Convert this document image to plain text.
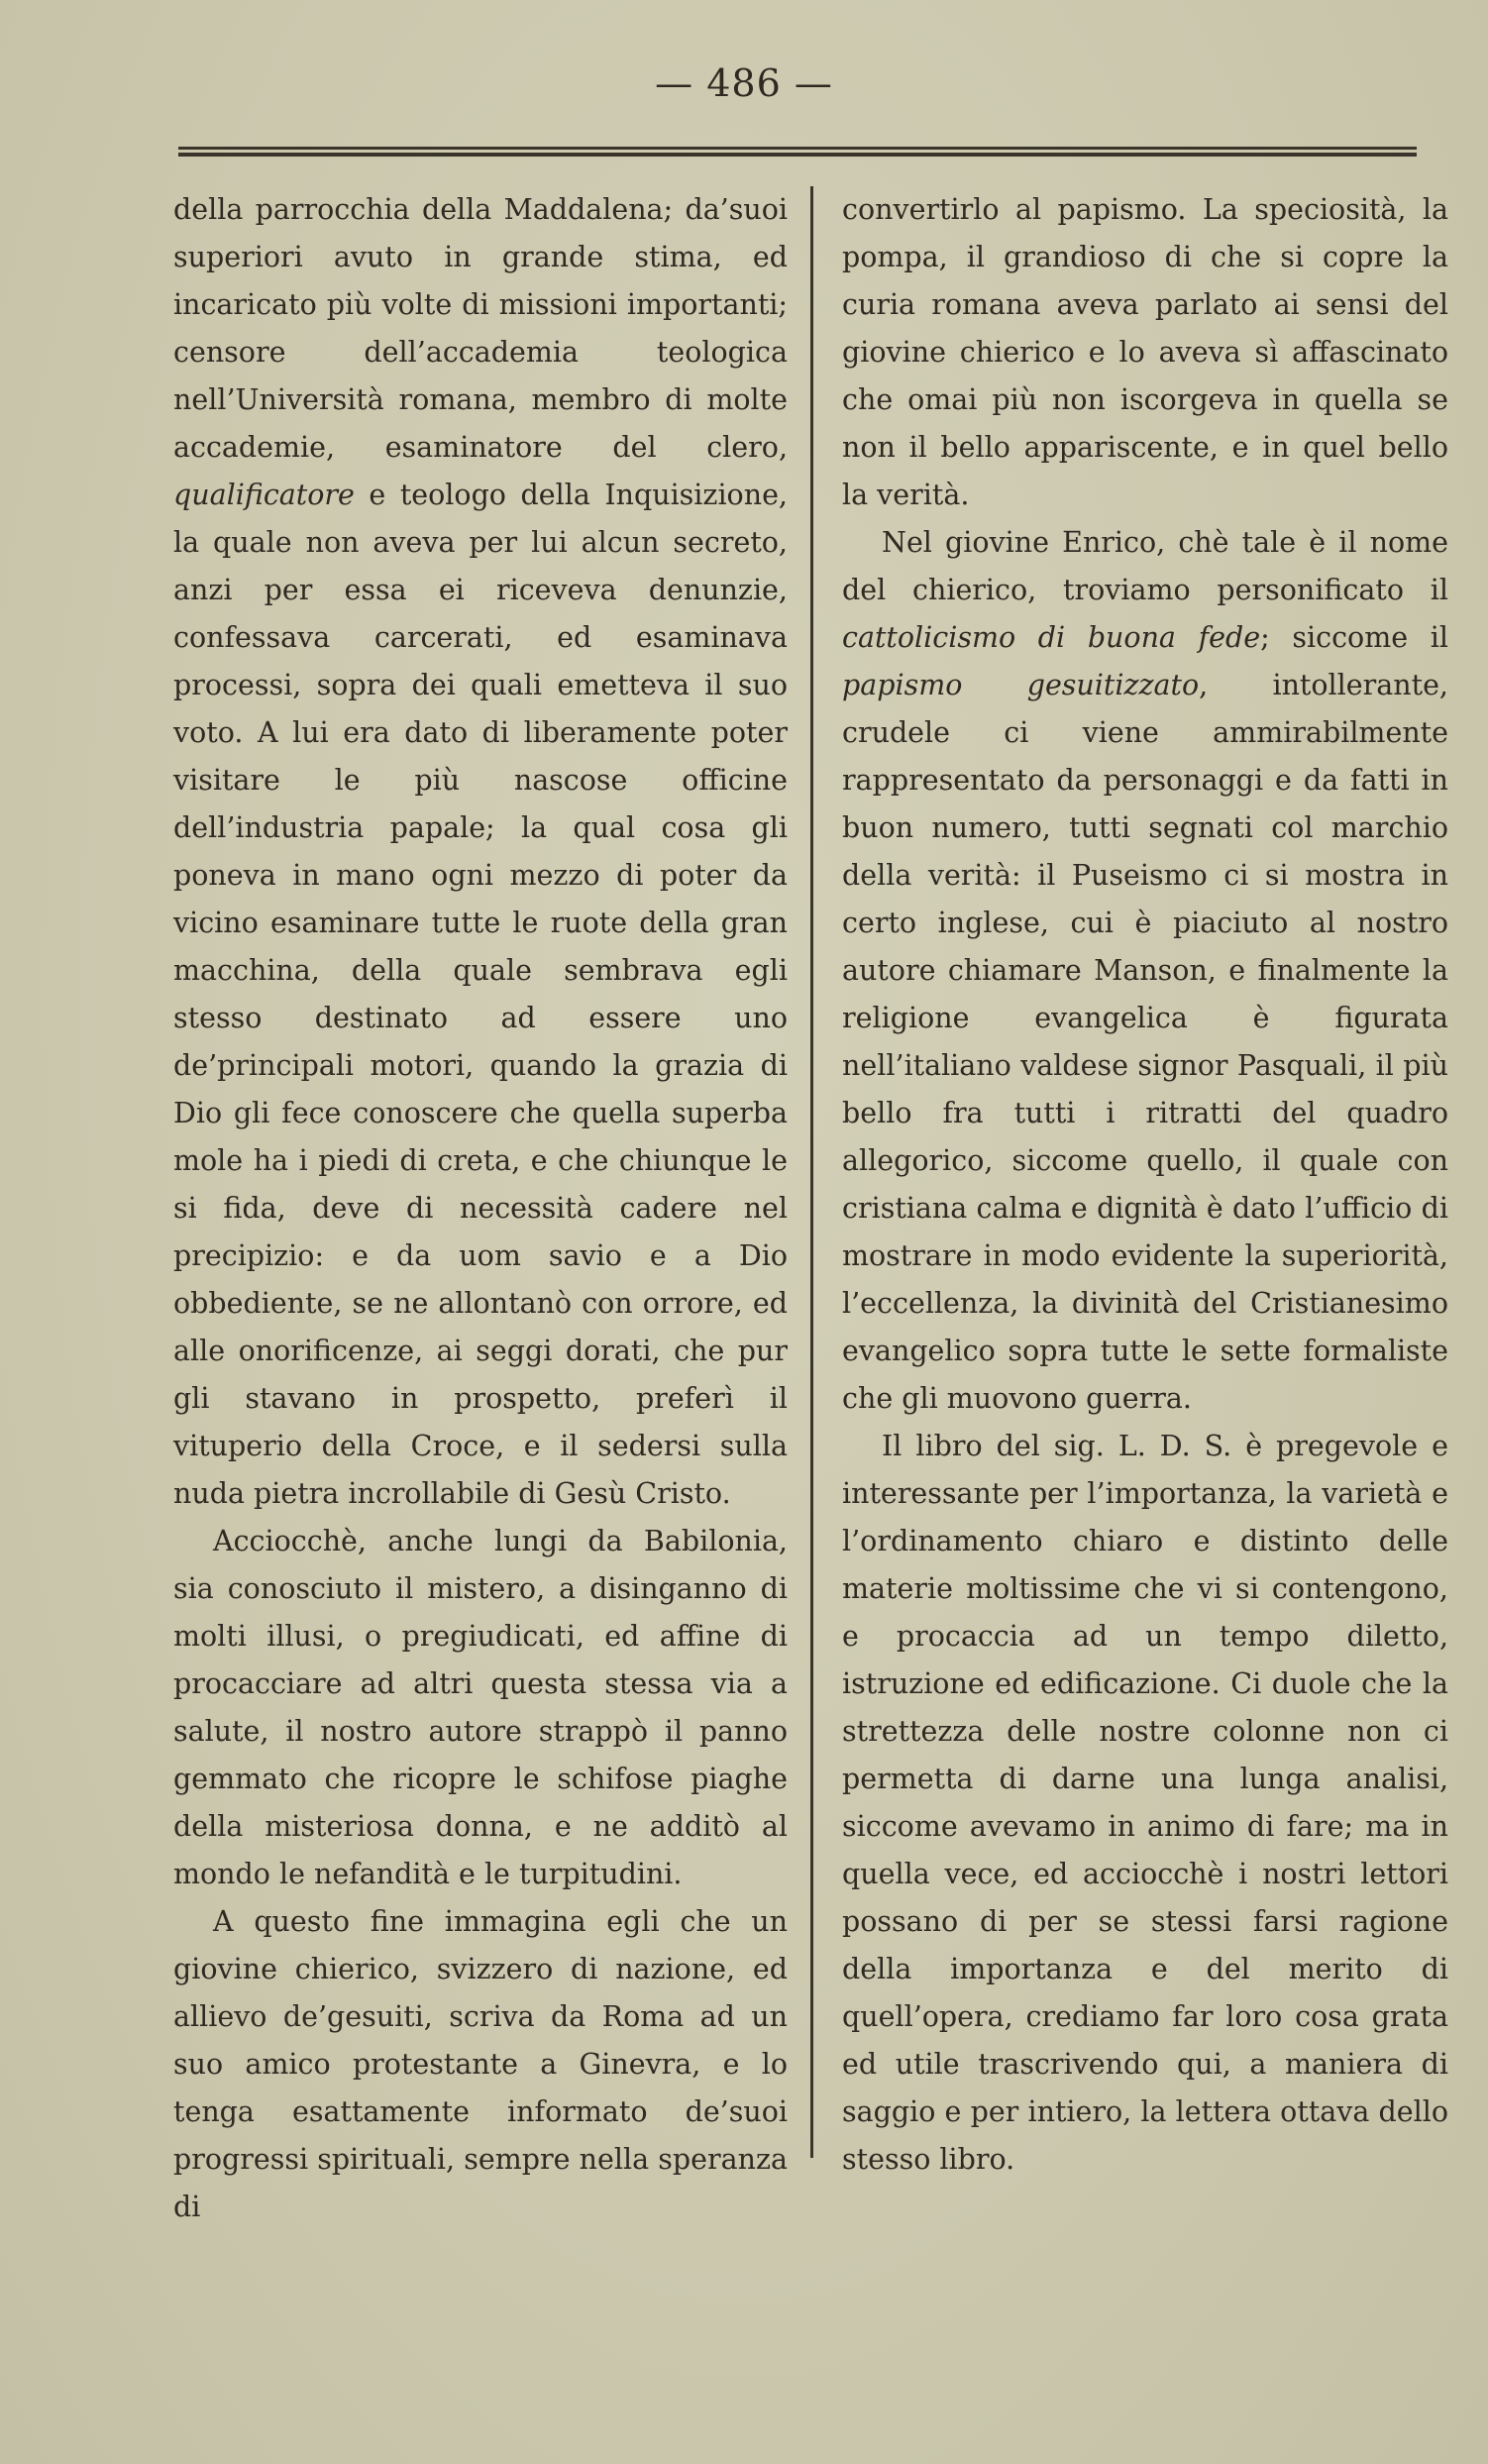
— 486 —

della parrocchia della Maddalena; da’suoi superiori avuto in grande stima, ed incaricato più volte di missioni importanti; censore dell’accademia teologica nell’Università romana, membro di molte accademie, esaminatore del clero, qualificatore e teologo della Inquisizione, la quale non aveva per lui alcun secreto, anzi per essa ei riceveva denunzie, confessava carcerati, ed esaminava processi, sopra dei quali emetteva il suo voto. A lui era dato di liberamente poter visitare le più nascose officine dell’industria papale; la qual cosa gli poneva in mano ogni mezzo di poter da vicino esaminare tutte le ruote della gran macchina, della quale sembrava egli stesso destinato ad essere uno de’principali motori, quando la grazia di Dio gli fece conoscere che quella superba mole ha i piedi di creta, e che chiunque le si fida, deve di necessità cadere nel precipizio: e da uom savio e a Dio obbediente, se ne allontanò con orrore, ed alle onorificenze, ai seggi dorati, che pur gli stavano in prospetto, preferì il vituperio della Croce, e il sedersi sulla nuda pietra incrollabile di Gesù Cristo.

Acciocchè, anche lungi da Babilonia, sia conosciuto il mistero, a disinganno di molti illusi, o pregiudicati, ed affine di procacciare ad altri questa stessa via a salute, il nostro autore strappò il panno gemmato che ricopre le schifose piaghe della misteriosa donna, e ne additò al mondo le nefandità e le turpitudini.

A questo fine immagina egli che un giovine chierico, svizzero di nazione, ed allievo de’gesuiti, scriva da Roma ad un suo amico protestante a Ginevra, e lo tenga esattamente informato de’suoi progressi spirituali, sempre nella speranza di

convertirlo al papismo. La speciosità, la pompa, il grandioso di che si copre la curia romana aveva parlato ai sensi del giovine chierico e lo aveva sì affascinato che omai più non iscorgeva in quella se non il bello appariscente, e in quel bello la verità.

Nel giovine Enrico, chè tale è il nome del chierico, troviamo personificato il cattolicismo di buona fede; siccome il papismo gesuitizzato, intollerante, crudele ci viene ammirabilmente rappresentato da personaggi e da fatti in buon numero, tutti segnati col marchio della verità: il Puseismo ci si mostra in certo inglese, cui è piaciuto al nostro autore chiamare Manson, e finalmente la religione evangelica è figurata nell’italiano valdese signor Pasquali, il più bello fra tutti i ritratti del quadro allegorico, siccome quello, il quale con cristiana calma e dignità è dato l’ufficio di mostrare in modo evidente la superiorità, l’eccellenza, la divinità del Cristianesimo evangelico sopra tutte le sette formaliste che gli muovono guerra.

Il libro del sig. L. D. S. è pregevole e interessante per l’importanza, la varietà e l’ordinamento chiaro e distinto delle materie moltissime che vi si contengono, e procaccia ad un tempo diletto, istruzione ed edificazione. Ci duole che la strettezza delle nostre colonne non ci permetta di darne una lunga analisi, siccome avevamo in animo di fare; ma in quella vece, ed acciocchè i nostri lettori possano di per se stessi farsi ragione della importanza e del merito di quell’opera, crediamo far loro cosa grata ed utile trascrivendo qui, a maniera di saggio e per intiero, la lettera ottava dello stesso libro.
